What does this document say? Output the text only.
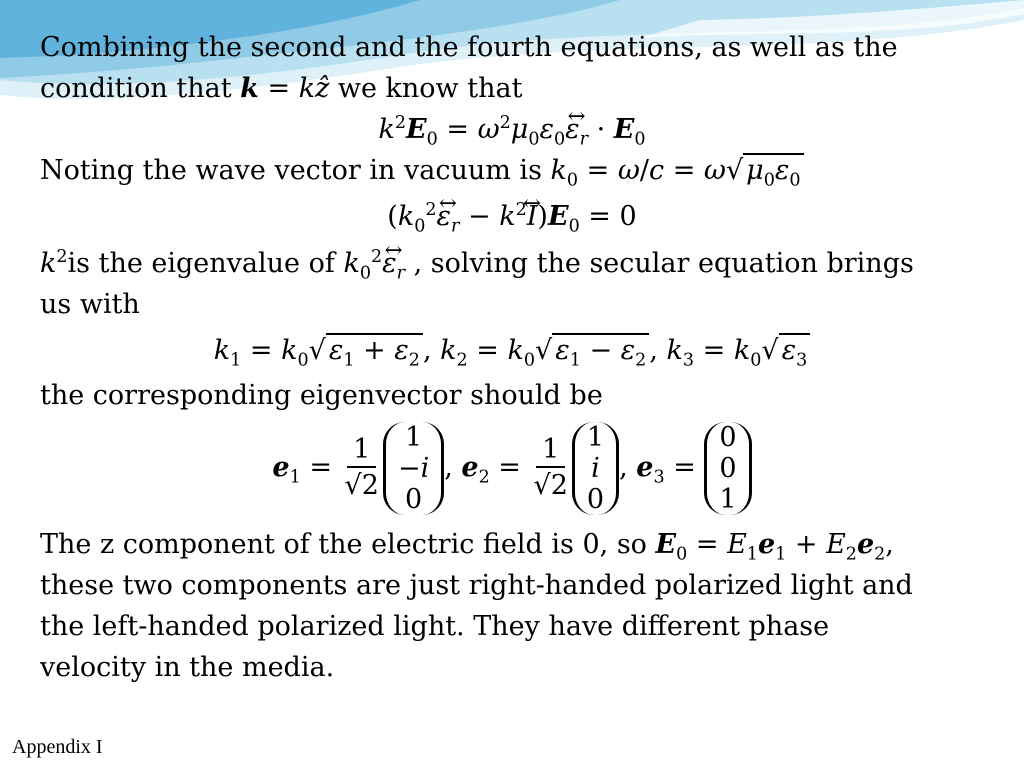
Combining the second and the fourth equations, as well as the
condition that k = kẑ we know that
$k^2E_0$ = $\omega^2\mu_0\varepsilon_0\leftrightarrow$ $\varepsilon_r \cdot E_0$
Noting the wave vector in vacuum is $k_0 = \omega/c = \omega√$ $\mu_0\varepsilon_0$
($k_0^2\leftrightarrow$ $\varepsilon_r$ − $k^2\leftrightarrow$ $I)E_0 = 0$
$k^2is$ the eigenvalue of $k_0^2\leftrightarrow$ $\varepsilon_r$ , solving the secular equation brings
us with
$k_1 = k_0√$ $\varepsilon_1 + \varepsilon_2$ , $k_2 = k_0√$ $\varepsilon_1 - \varepsilon_2$ , $k_3 = k_0√$ $\varepsilon_3$
the corresponding eigenvector should be
$e_1 = \frac{1}{√2} 1$
−i
0
, $e_2 = \frac{1}{√2} 1$
i
0
, $e_3$ =
0
0
1
The z component of the electric field is 0, so $E_0 = E_1e_1 + E_2e_2$,
these two components are just right-handed polarized light and
the left-handed polarized light. They have different phase
velocity in the media.
Appendix I
